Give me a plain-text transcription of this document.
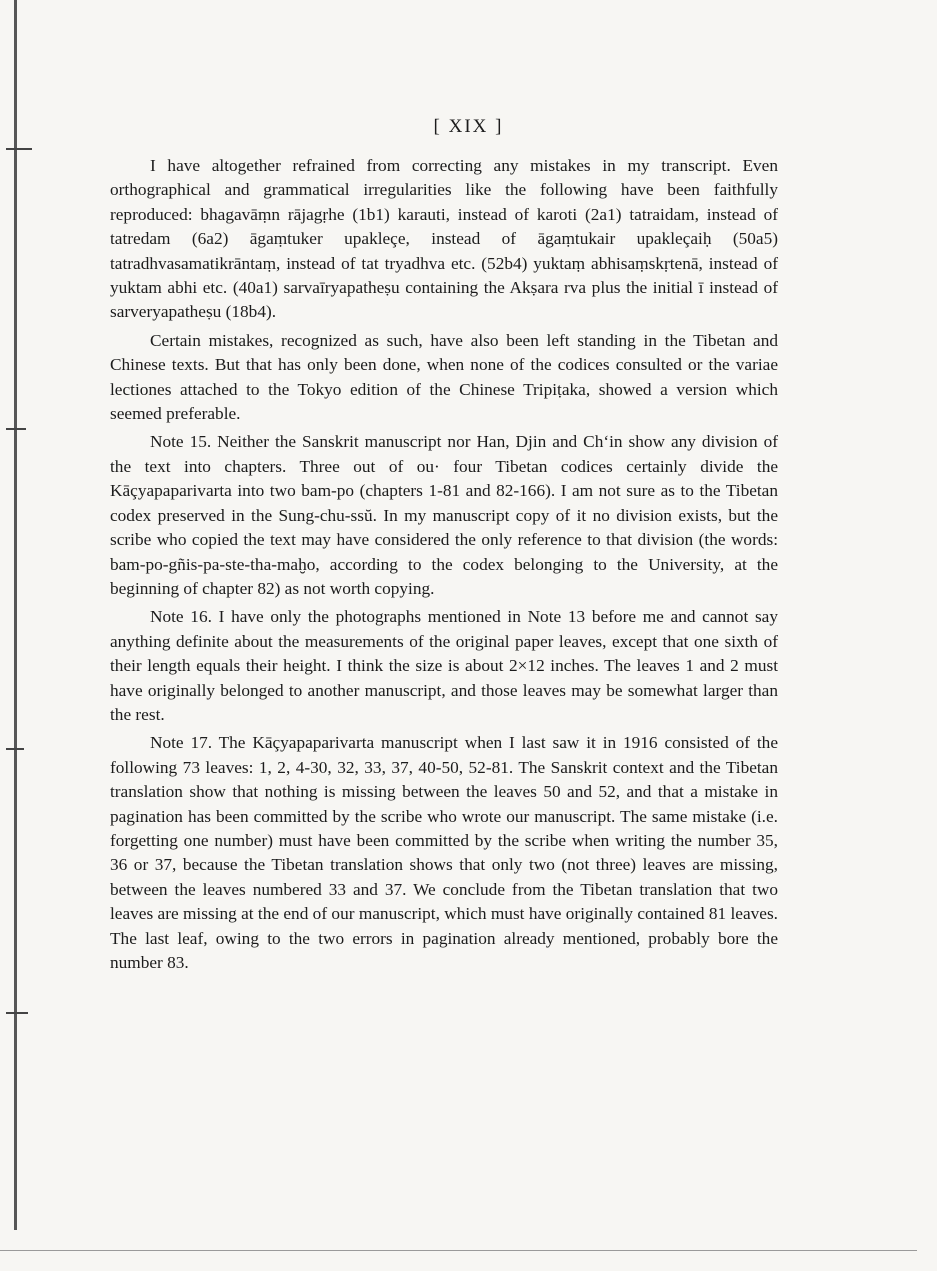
[ XIX ]

I have altogether refrained from correcting any mistakes in my transcript. Even orthographical and grammatical irregularities like the following have been faithfully reproduced: bhagavāṃn rājagṛhe (1b1) karauti, instead of karoti (2a1) tatraidam, instead of tatredam (6a2) āgaṃtuker upakleçe, instead of āgaṃtukair upakleçaiḥ (50a5) tatradhvasamatikrāntaṃ, instead of tat tryadhva etc. (52b4) yuktaṃ abhisaṃskṛtenā, instead of yuktam abhi etc. (40a1) sarvaīryapatheṣu containing the Akṣara rva plus the initial ī instead of sarveryapatheṣu (18b4).

Certain mistakes, recognized as such, have also been left standing in the Tibetan and Chinese texts. But that has only been done, when none of the codices consulted or the variae lectiones attached to the Tokyo edition of the Chinese Tripiṭaka, showed a version which seemed preferable.

Note 15. Neither the Sanskrit manuscript nor Han, Djin and Ch‘in show any division of the text into chapters. Three out of ou· four Tibetan codices certainly divide the Kāçyapaparivarta into two bam-po (chapters 1-81 and 82-166). I am not sure as to the Tibetan codex preserved in the Sung-chu-ssŭ. In my manuscript copy of it no division exists, but the scribe who copied the text may have considered the only reference to that division (the words: bam-po-gñis-pa-ste-tha-maḫo, according to the codex belonging to the University, at the beginning of chapter 82) as not worth copying.

Note 16. I have only the photographs mentioned in Note 13 before me and cannot say anything definite about the measurements of the original paper leaves, except that one sixth of their length equals their height. I think the size is about 2×12 inches. The leaves 1 and 2 must have originally belonged to another manuscript, and those leaves may be somewhat larger than the rest.

Note 17. The Kāçyapaparivarta manuscript when I last saw it in 1916 consisted of the following 73 leaves: 1, 2, 4-30, 32, 33, 37, 40-50, 52-81. The Sanskrit context and the Tibetan translation show that nothing is missing between the leaves 50 and 52, and that a mistake in pagination has been committed by the scribe who wrote our manuscript. The same mistake (i.e. forgetting one number) must have been committed by the scribe when writing the number 35, 36 or 37, because the Tibetan translation shows that only two (not three) leaves are missing, between the leaves numbered 33 and 37. We conclude from the Tibetan translation that two leaves are missing at the end of our manuscript, which must have originally contained 81 leaves. The last leaf, owing to the two errors in pagination already mentioned, probably bore the number 83.
